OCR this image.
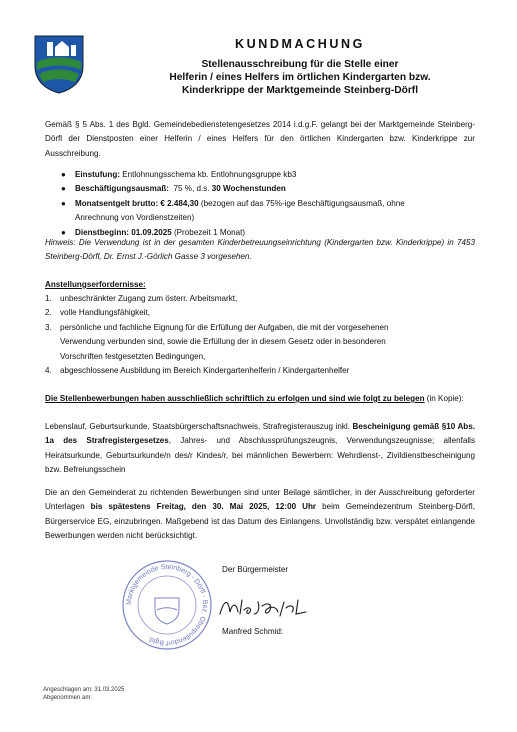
KUNDMACHUNG
Stellenausschreibung für die Stelle einer
Helferin / eines Helfers im örtlichen Kindergarten bzw.
Kinderkrippe der Marktgemeinde Steinberg-Dörfl
Gemäß § 5 Abs. 1 des Bgld. Gemeindebedienstetengesetzes 2014 i.d.g.F. gelangt bei der Marktgemeinde Steinberg-Dörfl der Dienstposten einer Helferin / eines Helfers für den örtlichen Kindergarten bzw. Kinderkrippe zur Ausschreibung.
● Einstufung: Entlohnungsschema kb. Entlohnungsgruppe kb3
● Beschäftigungsausmaß:  75 %, d.s. 30 Wochenstunden
● Monatsentgelt brutto: € 2.484,30 (bezogen auf das 75%-ige Beschäftigungsausmaß, ohne
Anrechnung von Vordienstzeiten)
● Dienstbeginn: 01.09.2025 (Probezeit 1 Monat)
Hinweis: Die Verwendung ist in der gesamten Kinderbetreuungseinrichtung (Kindergarten bzw. Kinderkrippe) in 7453 Steinberg-Dörfl, Dr. Ernst J.-Görlich Gasse 3 vorgesehen.
Anstellungserfordernisse:
1. unbeschränkter Zugang zum österr. Arbeitsmarkt,
2. volle Handlungsfähigkeit,
3. persönliche und fachliche Eignung für die Erfüllung der Aufgaben, die mit der vorgesehenen
Verwendung verbunden sind, sowie die Erfüllung der in diesem Gesetz oder in besonderen
Vorschriften festgesetzten Bedingungen,
4. abgeschlossene Ausbildung im Bereich Kindergartenhelferin / Kindergartenhelfer
Die Stellenbewerbungen haben ausschließlich schriftlich zu erfolgen und sind wie folgt zu belegen (in Kopie):
Lebenslauf, Geburtsurkunde, Staatsbürgerschaftsnachweis, Strafregisterauszug inkl. Bescheinigung gemäß §10 Abs. 1a des Strafregistergesetzes, Jahres- und Abschlussprüfungszeugnis, Verwendungszeugnisse; allenfalls Heiratsurkunde, Geburtsurkunde/n des/r Kindes/r, bei männlichen Bewerbern: Wehrdienst-, Zivildienstbescheinigung bzw. Befreiungsschein
Die an den Gemeinderat zu richtenden Bewerbungen sind unter Beilage sämtlicher, in der Ausschreibung geforderter Unterlagen bis spätestens Freitag, den 30. Mai 2025, 12:00 Uhr beim Gemeindezentrum Steinberg-Dörfl, Bürgerservice EG, einzubringen. Maßgebend ist das Datum des Einlangens. Unvollständig bzw. verspätet einlangende Bewerbungen werden nicht berücksichtigt.
Marktgemeinde Steinberg - Dörfl · Bez. Oberpullendorf Bgld.
Der Bürgermeister
Manfred Schmid:
Angeschlagen am: 31.03.2025
Abgenommen am:
